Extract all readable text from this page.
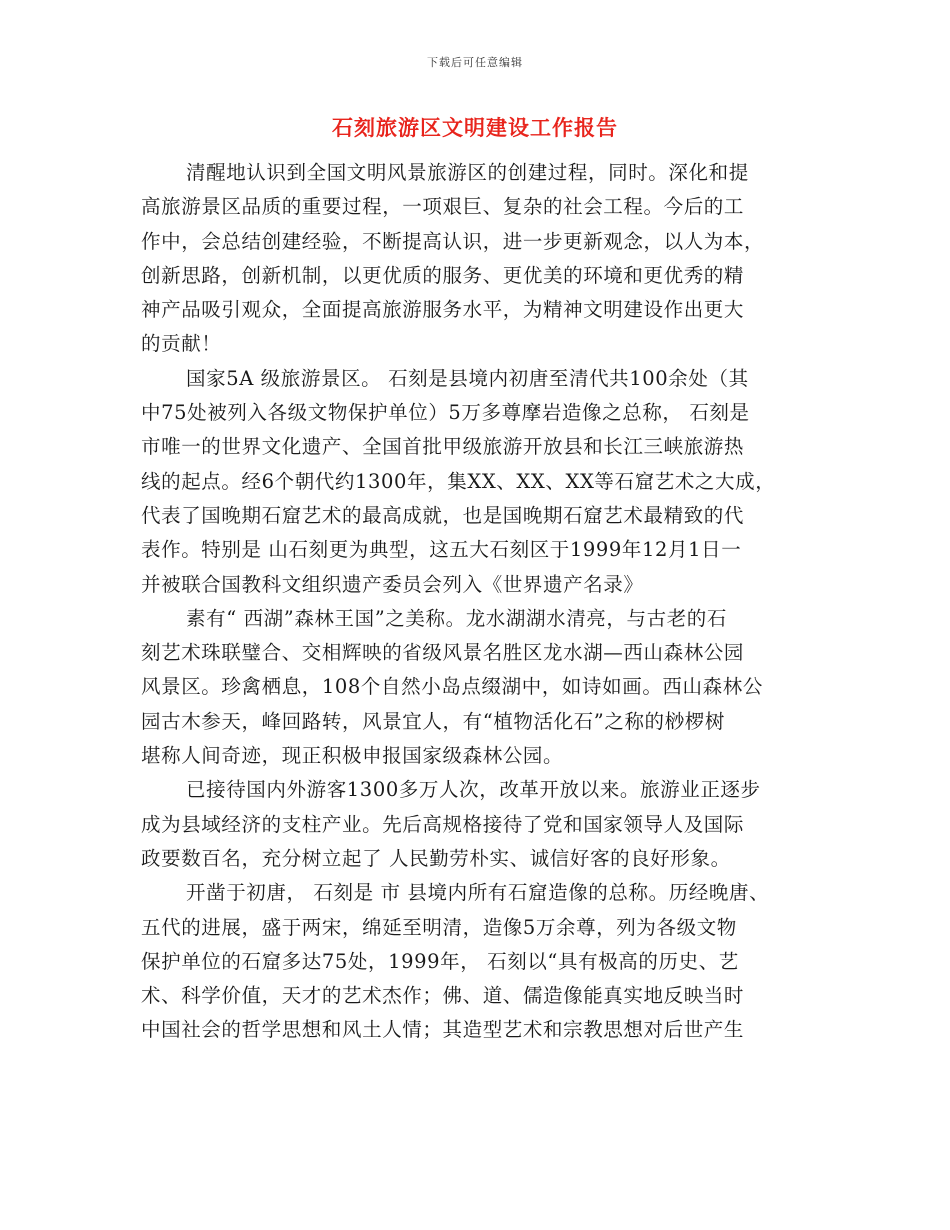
下载后可任意编辑
石刻旅游区文明建设工作报告
清醒地认识到全国文明风景旅游区的创建过程，同时。深化和提
高旅游景区品质的重要过程，一项艰巨、复杂的社会工程。今后的工
作中，会总结创建经验，不断提高认识，进一步更新观念，以人为本，
创新思路，创新机制，以更优质的服务、更优美的环境和更优秀的精
神产品吸引观众，全面提高旅游服务水平，为精神文明建设作出更大
的贡献！
国家5A 级旅游景区。 石刻是县境内初唐至清代共100余处（其
中75处被列入各级文物保护单位）5万多尊摩岩造像之总称， 石刻是
市唯一的世界文化遗产、全国首批甲级旅游开放县和长江三峡旅游热
线的起点。经6个朝代约1300年，集XX、XX、XX等石窟艺术之大成，
代表了国晚期石窟艺术的最高成就，也是国晚期石窟艺术最精致的代
表作。特别是 山石刻更为典型，这五大石刻区于1999年12月1日一
并被联合国教科文组织遗产委员会列入《世界遗产名录》
素有“ 西湖”森林王国”之美称。龙水湖湖水清亮，与古老的石
刻艺术珠联璧合、交相辉映的省级风景名胜区龙水湖—西山森林公园
风景区。珍禽栖息，108个自然小岛点缀湖中，如诗如画。西山森林公
园古木参天，峰回路转，风景宜人，有“植物活化石”之称的桫椤树
堪称人间奇迹，现正积极申报国家级森林公园。
已接待国内外游客1300多万人次，改革开放以来。旅游业正逐步
成为县域经济的支柱产业。先后高规格接待了党和国家领导人及国际
政要数百名，充分树立起了 人民勤劳朴实、诚信好客的良好形象。
开凿于初唐， 石刻是 市 县境内所有石窟造像的总称。历经晚唐、
五代的进展，盛于两宋，绵延至明清，造像5万余尊，列为各级文物
保护单位的石窟多达75处，1999年， 石刻以“具有极高的历史、艺
术、科学价值，天才的艺术杰作；佛、道、儒造像能真实地反映当时
中国社会的哲学思想和风土人情；其造型艺术和宗教思想对后世产生
